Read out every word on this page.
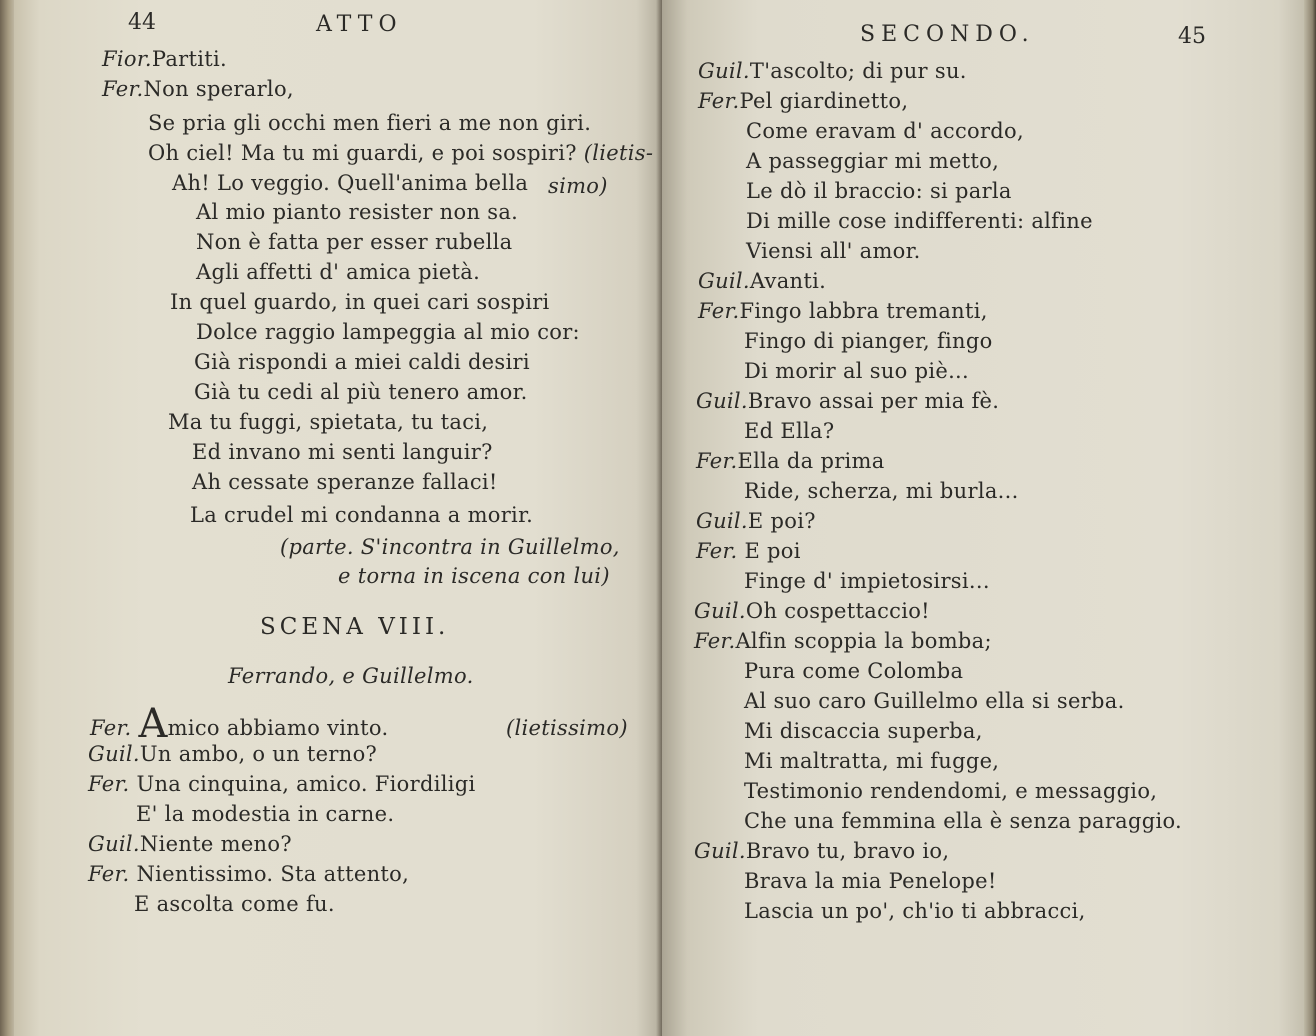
44	ATTO
Fior.Partiti.
Fer.Non sperarlo,
Se pria gli occhi men fieri a me non giri.
Oh ciel! Ma tu mi guardi, e poi sospiri? (lietis-
Ah! Lo veggio. Quell'anima bella simo)
Al mio pianto resister non sa.
Non è fatta per esser rubella
Agli affetti d' amica pietà.
In quel guardo, in quei cari sospiri
Dolce raggio lampeggia al mio cor:
Già rispondi a miei caldi desiri
Già tu cedi al più tenero amor.
Ma tu fuggi, spietata, tu taci,
Ed invano mi senti languir?
Ah cessate speranze fallaci!
La crudel mi condanna a morir.
(parte. S'incontra in Guillelmo,
e torna in iscena con lui)
SCENA VIII.
Ferrando, e Guillelmo.
Fer. Amico abbiamo vinto.	(lietissimo)
Guil.Un ambo, o un terno?
Fer. Una cinquina, amico. Fiordiligi
E' la modestia in carne.
Guil.Niente meno?
Fer. Nientissimo. Sta attento,
E ascolta come fu.
SECONDO.	45
Guil.T'ascolto; di pur su.
Fer.Pel giardinetto,
Come eravam d' accordo,
A passeggiar mi metto,
Le dò il braccio: si parla
Di mille cose indifferenti: alfine
Viensi all' amor.
Guil.Avanti.
Fer.Fingo labbra tremanti,
Fingo di pianger, fingo
Di morir al suo piè...
Guil.Bravo assai per mia fè.
Ed Ella?
Fer.Ella da prima
Ride, scherza, mi burla...
Guil.E poi?
Fer. E poi
Finge d' impietosirsi...
Guil.Oh cospettaccio!
Fer.Alfin scoppia la bomba;
Pura come Colomba
Al suo caro Guillelmo ella si serba.
Mi discaccia superba,
Mi maltratta, mi fugge,
Testimonio rendendomi, e messaggio,
Che una femmina ella è senza paraggio.
Guil.Bravo tu, bravo io,
Brava la mia Penelope!
Lascia un po', ch'io ti abbracci,
